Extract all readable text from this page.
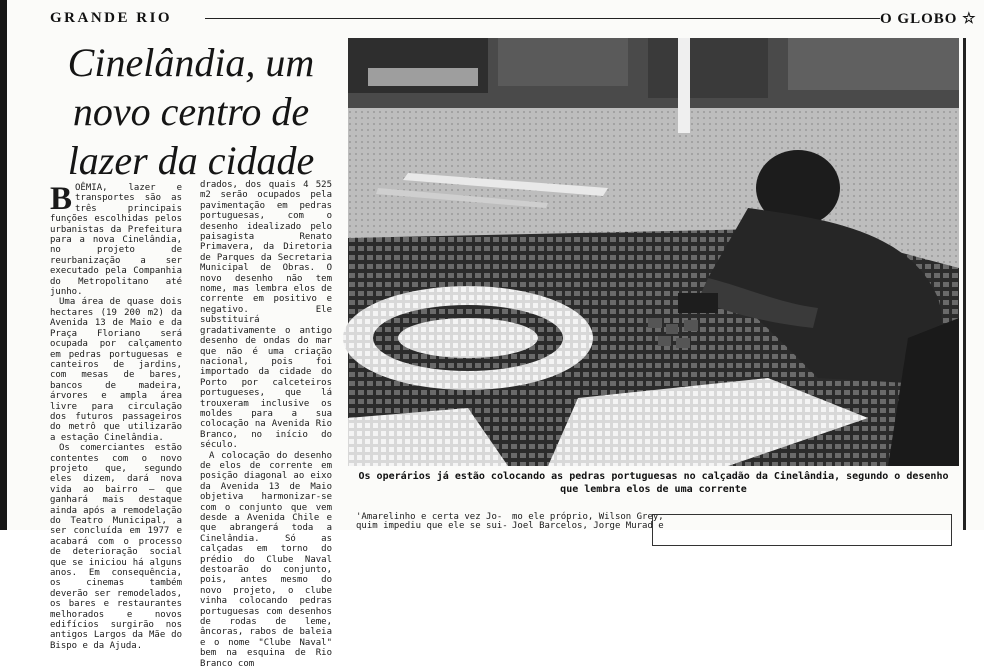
GRANDE RIO	O GLOBO ☆
Cinelândia, um novo centro de lazer da cidade
B OÊMIA, lazer e transportes são as três principais funções escolhidas pelos urbanistas da Prefeitura para a nova Cinelândia, no projeto de reurbanização a ser executado pela Companhia do Metropolitano até junho.

Uma área de quase dois hectares (19 200 m2) da Avenida 13 de Maio e da Praça Floriano será ocupada por calçamento em pedras portuguesas e canteiros de jardins, com mesas de bares, bancos de madeira, árvores e ampla área livre para circulação dos futuros passageiros do metrô que utilizarão a estação Cinelândia.

Os comerciantes estão contentes com o novo projeto que, segundo eles dizem, dará nova vida ao bairro — que ganhará mais destaque ainda após a remodelação do Teatro Municipal, a ser concluída em 1977 e acabará com o processo de deterioração social que se iniciou há alguns anos. Em consequência, os cinemas também deverão ser remodelados, os bares e restaurantes melhorados e novos edifícios surgirão nos antigos Largos da Mãe do Bispo e da Ajuda.

drados, dos quais 4 525 m2 serão ocupados pela pavimentação em pedras portuguesas, com o desenho idealizado pelo paisagista Renato Primavera, da Diretoria de Parques da Secretaria Municipal de Obras. O novo desenho não tem nome, mas lembra elos de corrente em positivo e negativo. Ele substituirá gradativamente o antigo desenho de ondas do mar que não é uma criação nacional, pois foi importado da cidade do Porto por calceteiros portugueses, que lá trouxeram inclusive os moldes para a sua colocação na Avenida Rio Branco, no início do século.

A colocação do desenho de elos de corrente em posição diagonal ao eixo da Avenida 13 de Maio objetiva harmonizar-se com o conjunto que vem desde a Avenida Chile e que abrangerá toda a Cinelândia. Só as calçadas em torno do prédio do Clube Naval destoarão do conjunto, pois, antes mesmo do novo projeto, o clube vinha colocando pedras portuguesas com desenhos de rodas de leme, âncoras, rabos de baleia e o nome "Clube Naval" bem na esquina de Rio Branco com

Os operários já estão colocando as pedras portuguesas no calçadão da Cinelândia, segundo o desenho que lembra elos de uma corrente
'Amarelinho e certa vez Jo-
quim impediu que ele se sui-
mo ele próprio, Wilson Grey,
Joel Barcelos, Jorge Murad e
